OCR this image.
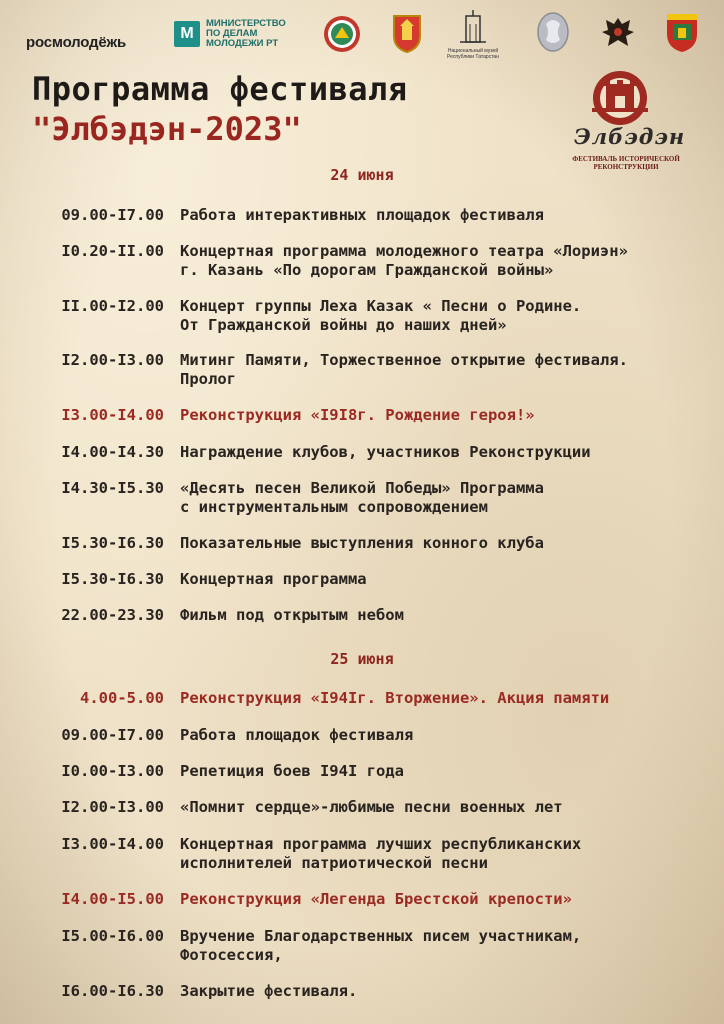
росмолодёжь	M
МИНИСТЕРСТВО
ПО ДЕЛАМ
МОЛОДЕЖИ РТ
Национальный музей
Республики Татарстан
Программа фестиваля
"Элбэдэн-2023"	Элбэдэн
ФЕСТИВАЛЬ ИСТОРИЧЕСКОЙ
РЕКОНСТРУКЦИИ
24 июня
09.00-I7.00 Работа интерактивных площадок фестиваля
I0.20-II.00 Концертная программа молодежного театра «Лориэн»
г. Казань «По дорогам Гражданской войны»
II.00-I2.00 Концерт группы Леха Казак « Песни о Родине.
От Гражданской войны до наших дней»
I2.00-I3.00 Митинг Памяти, Торжественное открытие фестиваля.
Пролог
I3.00-I4.00 Реконструкция «I9I8г. Рождение героя!»
I4.00-I4.30 Награждение клубов, участников Реконструкции
I4.30-I5.30 «Десять песен Великой Победы» Программа
с инструментальным сопровождением
I5.30-I6.30 Показательные выступления конного клуба
I5.30-I6.30 Концертная программа
22.00-23.30 Фильм под открытым небом
25 июня
4.00-5.00 Реконструкция «I94Iг. Вторжение». Акция памяти
09.00-I7.00 Работа площадок фестиваля
I0.00-I3.00 Репетиция боев I94I года
I2.00-I3.00 «Помнит сердце»-любимые песни военных лет
I3.00-I4.00 Концертная программа лучших республиканских
исполнителей патриотической песни
I4.00-I5.00 Реконструкция «Легенда Брестской крепости»
I5.00-I6.00 Вручение Благодарственных писем участникам,
Фотосессия,
I6.00-I6.30 Закрытие фестиваля.
